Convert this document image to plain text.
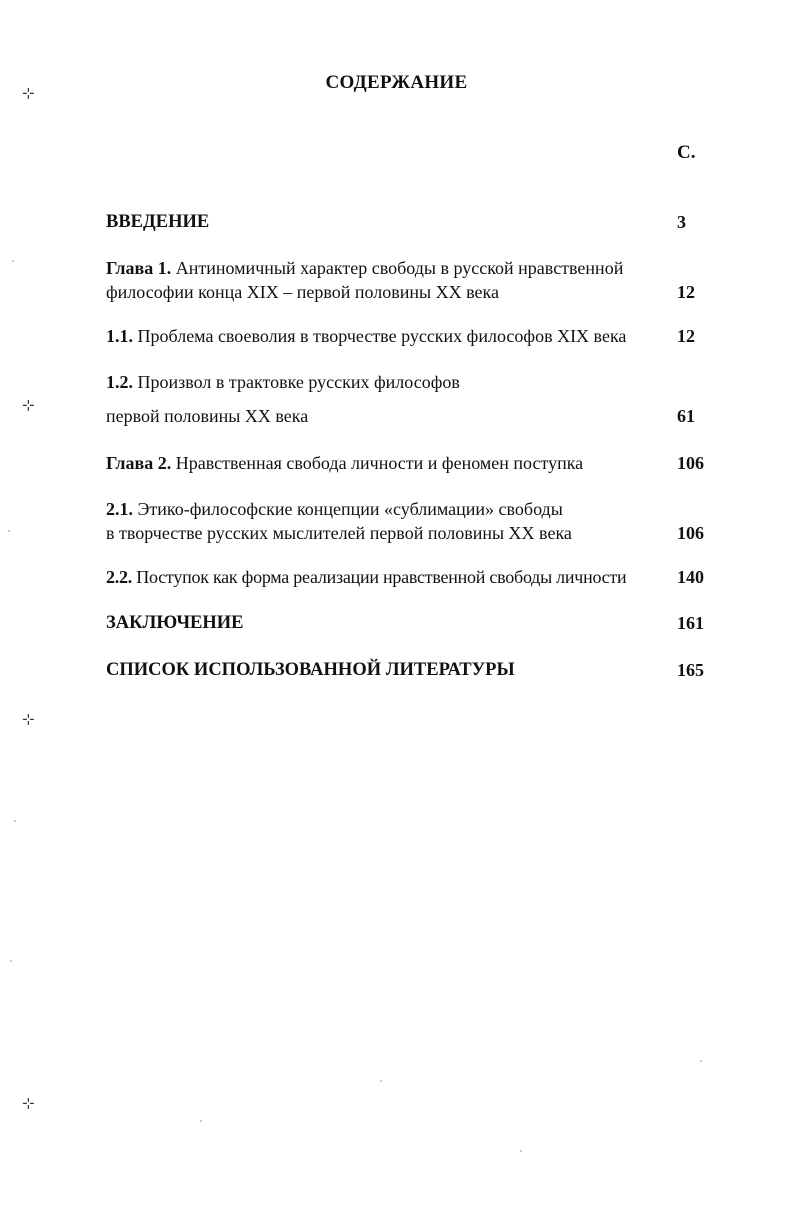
СОДЕРЖАНИЕ
С.
ВВЕДЕНИЕ	3
Глава 1. Антиномичный характер свободы в русской нравственной философии конца XIX – первой половины XX века	12
1.1. Проблема своеволия в творчестве русских философов XIX века	12
1.2. Произвол в трактовке русских философов
первой половины XX века	61
Глава 2. Нравственная свобода личности и феномен поступка	106
2.1. Этико-философские концепции «сублимации» свободы
в творчестве русских мыслителей первой половины XX века	106
2.2. Поступок как форма реализации нравственной свободы личности	140
ЗАКЛЮЧЕНИЕ	161
СПИСОК ИСПОЛЬЗОВАННОЙ ЛИТЕРАТУРЫ	165
⊹
⊹
⊹
⊹
